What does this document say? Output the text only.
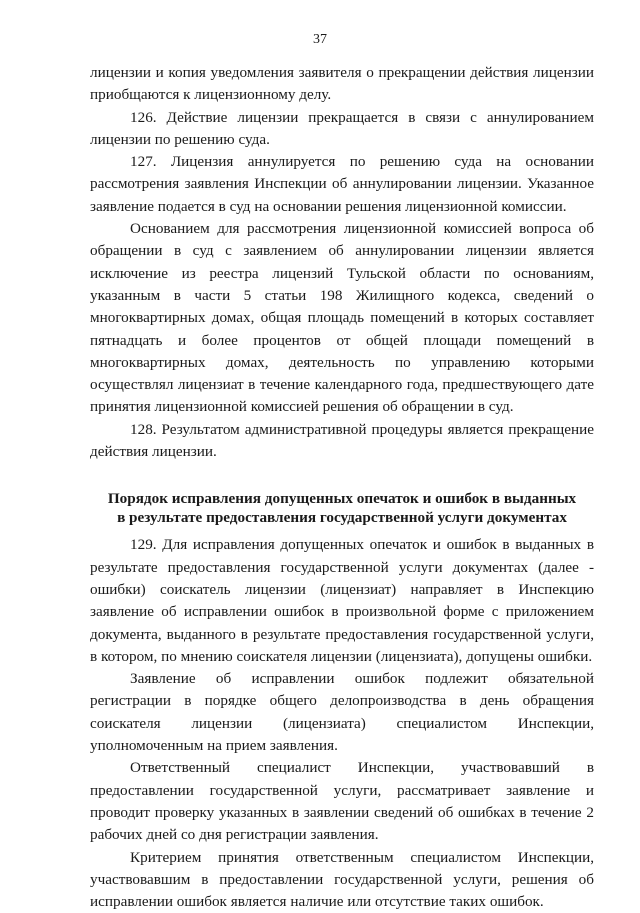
37

лицензии и копия уведомления заявителя о прекращении действия лицензии приобщаются к лицензионному делу.

126. Действие лицензии прекращается в связи с аннулированием лицензии по решению суда.

127. Лицензия аннулируется по решению суда на основании рассмотрения заявления Инспекции об аннулировании лицензии. Указанное заявление подается в суд на основании решения лицензионной комиссии.

Основанием для рассмотрения лицензионной комиссией вопроса об обращении в суд с заявлением об аннулировании лицензии является исключение из реестра лицензий Тульской области по основаниям, указанным в части 5 статьи 198 Жилищного кодекса, сведений о многоквартирных домах, общая площадь помещений в которых составляет пятнадцать и более процентов от общей площади помещений в многоквартирных домах, деятельность по управлению которыми осуществлял лицензиат в течение календарного года, предшествующего дате принятия лицензионной комиссией решения об обращении в суд.

128. Результатом административной процедуры является прекращение действия лицензии.

Порядок исправления допущенных опечаток и ошибок в выданных
в результате предоставления государственной услуги документах

129. Для исправления допущенных опечаток и ошибок в выданных в результате предоставления государственной услуги документах (далее - ошибки) соискатель лицензии (лицензиат) направляет в Инспекцию заявление об исправлении ошибок в произвольной форме с приложением документа, выданного в результате предоставления государственной услуги, в котором, по мнению соискателя лицензии (лицензиата), допущены ошибки.

Заявление об исправлении ошибок подлежит обязательной регистрации в порядке общего делопроизводства в день обращения соискателя лицензии (лицензиата) специалистом Инспекции, уполномоченным на прием заявления.

Ответственный специалист Инспекции, участвовавший в предоставлении государственной услуги, рассматривает заявление и проводит проверку указанных в заявлении сведений об ошибках в течение 2 рабочих дней со дня регистрации заявления.

Критерием принятия ответственным специалистом Инспекции, участвовавшим в предоставлении государственной услуги, решения об исправлении ошибок является наличие или отсутствие таких ошибок.
